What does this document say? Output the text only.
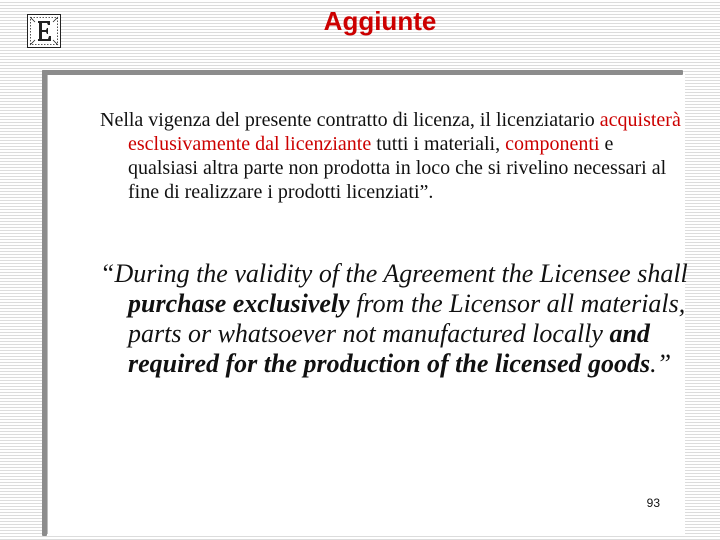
Aggiunte

Nella vigenza del presente contratto di licenza, il licenziatario acquisterà esclusivamente dal licenziante tutti i materiali, componenti e qualsiasi altra parte non prodotta in loco che si rivelino necessari al fine di realizzare i prodotti licenziati”.

“During the validity of the Agreement the Licensee shall purchase exclusively from the Licensor all materials, parts or whatsoever not manufactured locally and required for the production of the licensed goods.”

93
